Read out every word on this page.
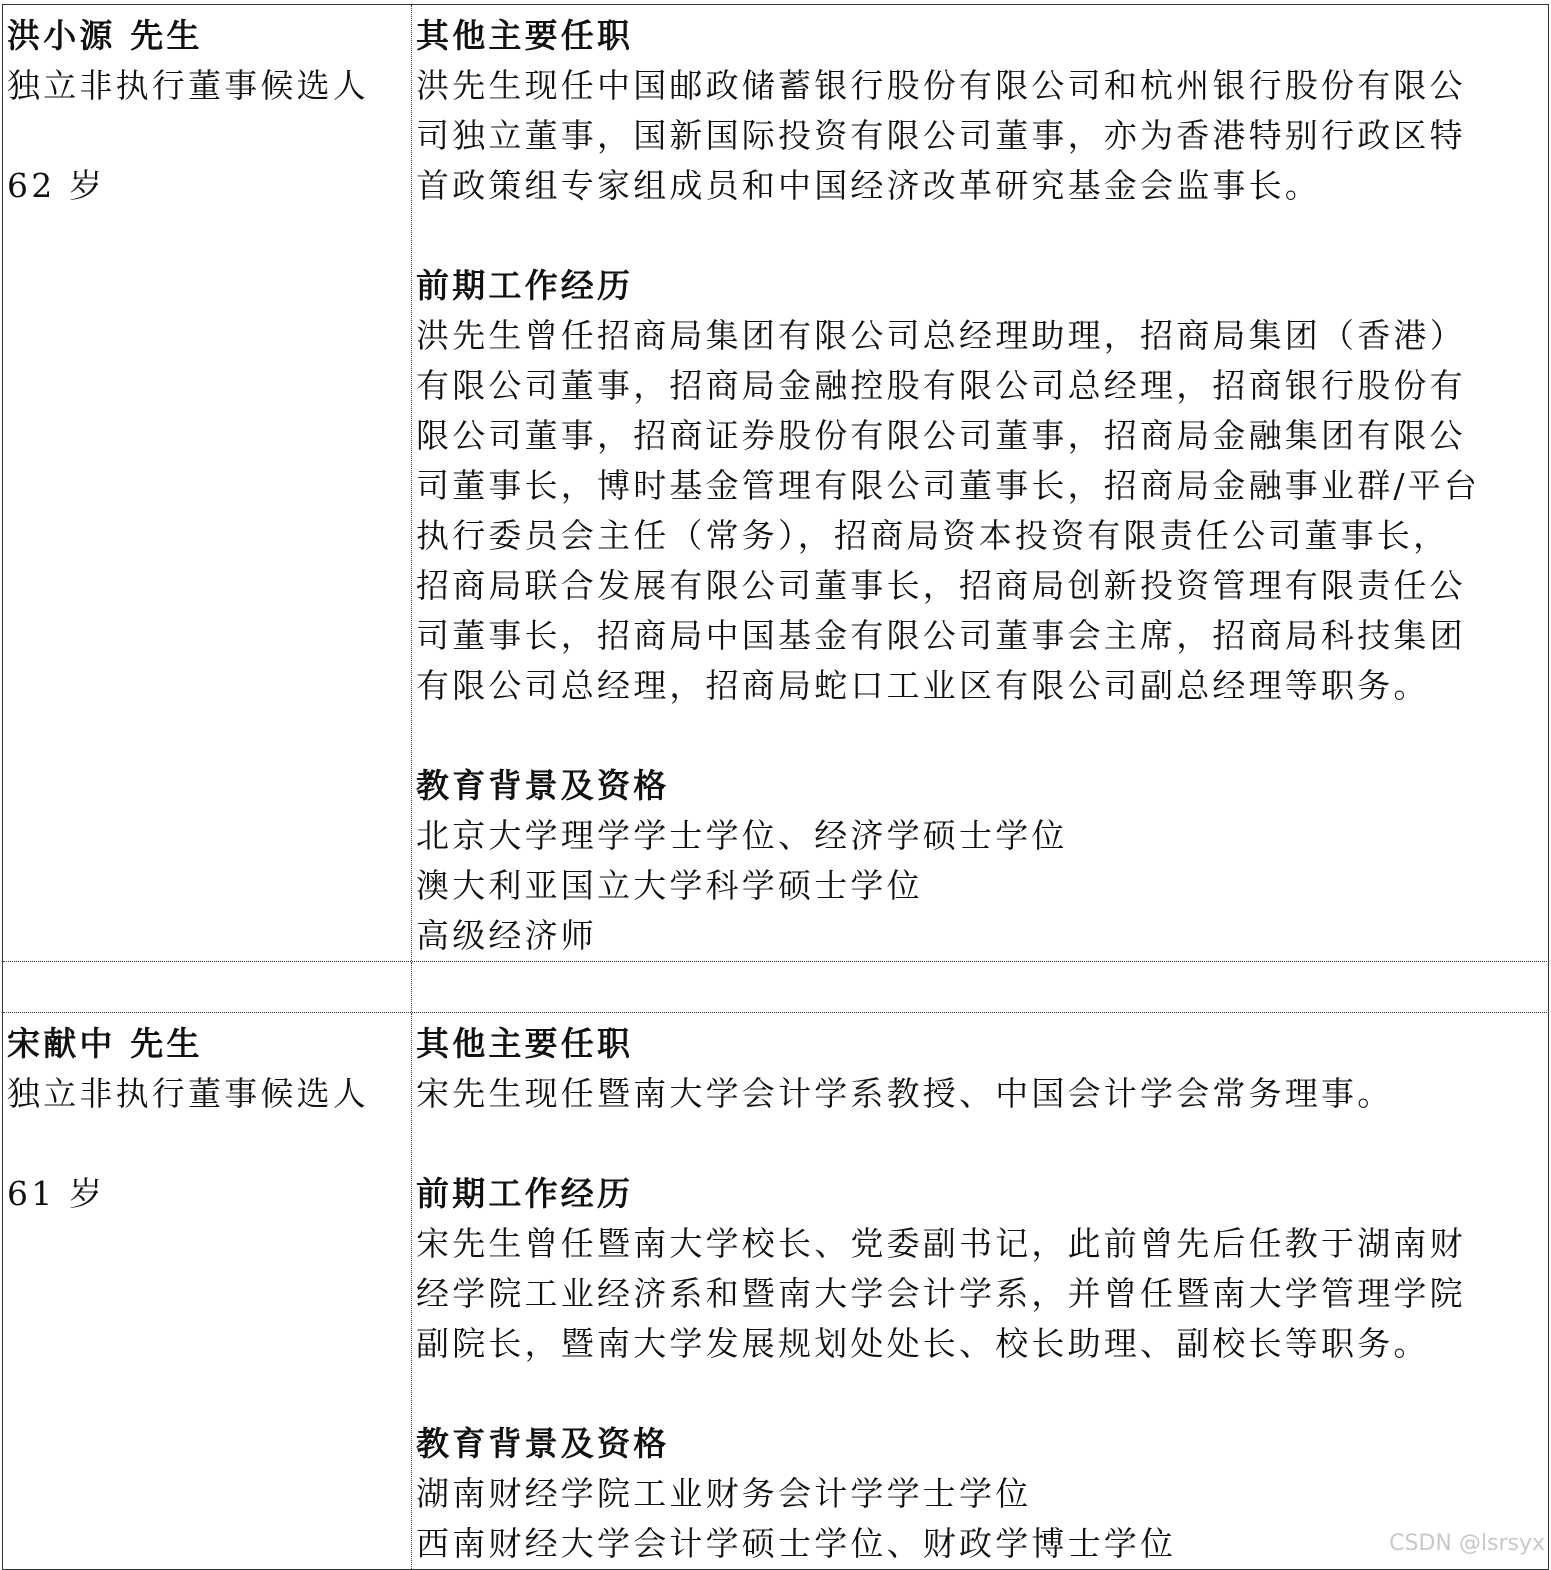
洪小源 先生
独立非执行董事候选人
62 岁
其他主要任职
洪先生现任中国邮政储蓄银行股份有限公司和杭州银行股份有限公
司独立董事，国新国际投资有限公司董事，亦为香港特别行政区特
首政策组专家组成员和中国经济改革研究基金会监事长。
前期工作经历
洪先生曾任招商局集团有限公司总经理助理，招商局集团（香港）
有限公司董事，招商局金融控股有限公司总经理，招商银行股份有
限公司董事，招商证券股份有限公司董事，招商局金融集团有限公
司董事长，博时基金管理有限公司董事长，招商局金融事业群/平台
执行委员会主任（常务），招商局资本投资有限责任公司董事长，
招商局联合发展有限公司董事长，招商局创新投资管理有限责任公
司董事长，招商局中国基金有限公司董事会主席，招商局科技集团
有限公司总经理，招商局蛇口工业区有限公司副总经理等职务。
教育背景及资格
北京大学理学学士学位、经济学硕士学位
澳大利亚国立大学科学硕士学位
高级经济师
宋献中 先生
独立非执行董事候选人
61 岁
其他主要任职
宋先生现任暨南大学会计学系教授、中国会计学会常务理事。
前期工作经历
宋先生曾任暨南大学校长、党委副书记，此前曾先后任教于湖南财
经学院工业经济系和暨南大学会计学系，并曾任暨南大学管理学院
副院长，暨南大学发展规划处处长、校长助理、副校长等职务。
教育背景及资格
湖南财经学院工业财务会计学学士学位
西南财经大学会计学硕士学位、财政学博士学位	CSDN @lsrsyx
